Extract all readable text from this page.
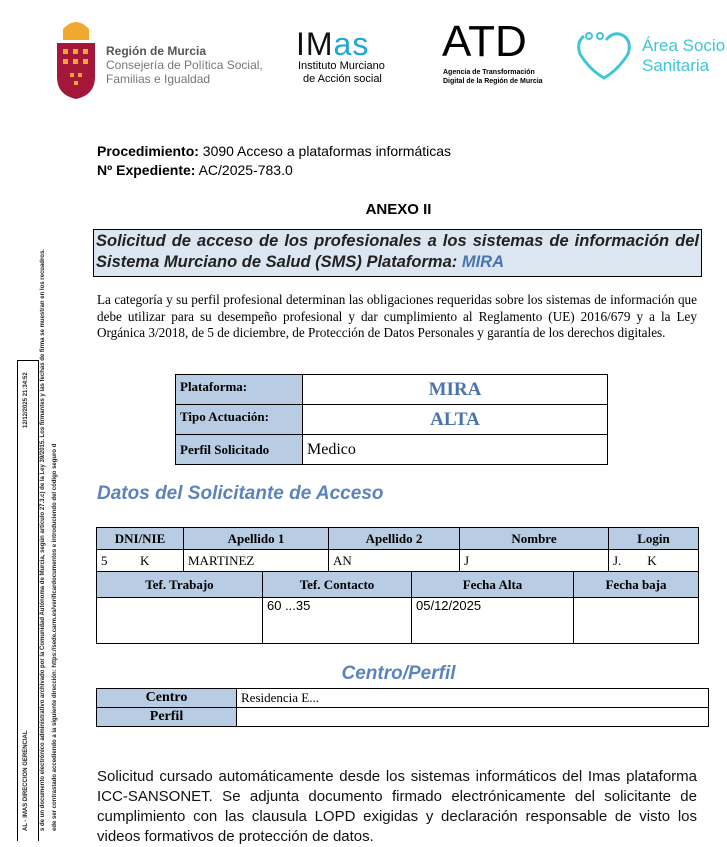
Región de Murcia
Consejería de Política Social,
Familias e Igualdad
IMas
Instituto Murciano
de Acción social
ATD
Agencia de Transformación
Digital de la Región de Murcia
Área Socio
Sanitaria
12/12/2025 21:34:52
AL - IMAS DIRECCION GERENCIAL s de un documento electrónico administrativo archivado por la Comunidad Autónoma de Murcia, según artículo 27.3.c) de la Ley 39/2015. Los firmantes y las fechas de firma se muestran en los recuadros. ede ser contrastado accediendo a la siguiente dirección: https://sede.carm.es/verificardocumentos e introduciendo del código seguro d
Procedimiento: 3090 Acceso a plataformas informáticas
Nº Expediente: AC/2025-783.0
ANEXO II
Solicitud de acceso de los profesionales a los sistemas de información del Sistema Murciano de Salud (SMS) Plataforma: MIRA
La categoría y su perfil profesional determinan las obligaciones requeridas sobre los sistemas de información que debe utilizar para su desempeño profesional y dar cumplimiento al Reglamento (UE) 2016/679 y a la Ley Orgánica 3/2018, de 5 de diciembre, de Protección de Datos Personales y garantía de los derechos digitales.
Plataforma:	MIRA
Tipo Actuación:	ALTA
Perfil Solicitado	Medico
Datos del Solicitante de Acceso
DNI/NIE	Apellido 1	Apellido 2	Nombre	Login
5          K	MARTINEZ	AN	J	J.        K
Tef. Trabajo	Tef. Contacto	Fecha Alta	Fecha baja
	60 ...35	05/12/2025	
Centro/Perfil
Centro	Residencia E...
Perfil	
Solicitud cursado automáticamente desde los sistemas informáticos del Imas plataforma ICC-SANSONET. Se adjunta documento firmado electrónicamente del solicitante de cumplimiento con las clausula LOPD exigidas y declaración responsable de visto los videos formativos de protección de datos.
